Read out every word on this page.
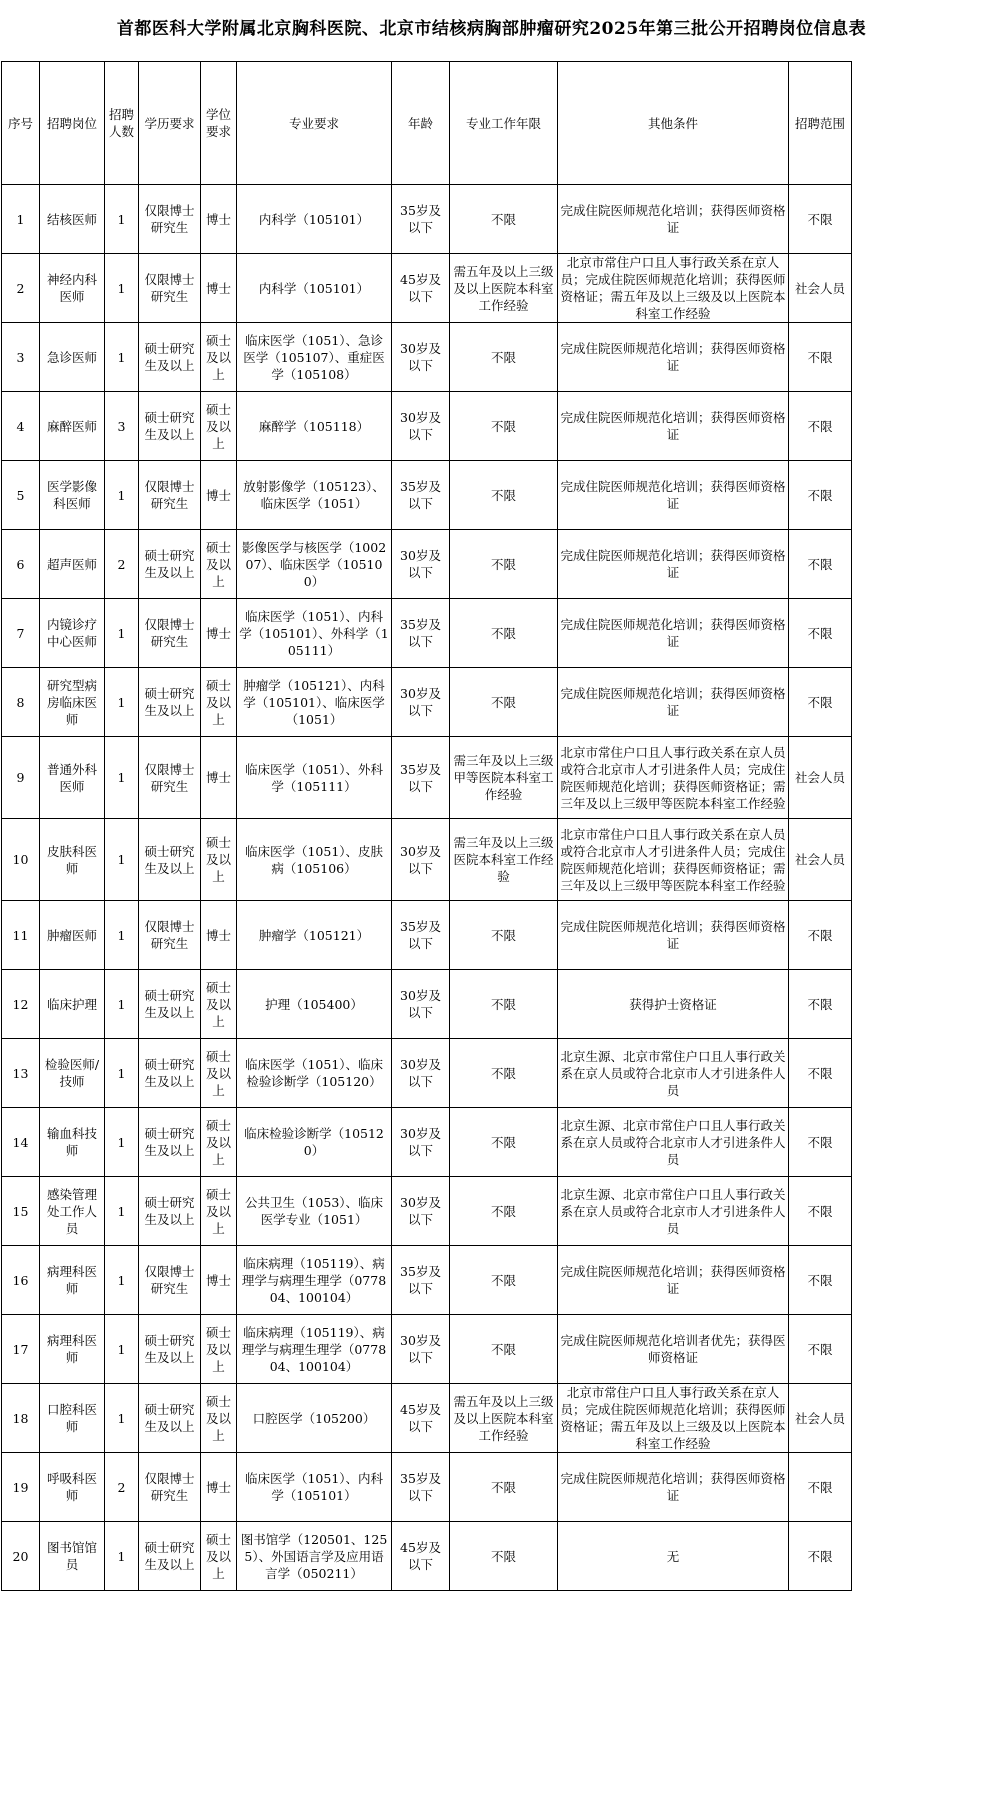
首都医科大学附属北京胸科医院、北京市结核病胸部肿瘤研究2025年第三批公开招聘岗位信息表
序号	招聘岗位	招聘人数	学历要求	学位要求	专业要求	年龄	专业工作年限	其他条件	招聘范围
1	结核医师	1	仅限博士研究生	博士	内科学（105101）	35岁及以下	不限	完成住院医师规范化培训；获得医师资格证	不限
2	神经内科医师	1	仅限博士研究生	博士	内科学（105101）	45岁及以下	需五年及以上三级及以上医院本科室工作经验	北京市常住户口且人事行政关系在京人员；完成住院医师规范化培训；获得医师资格证；需五年及以上三级及以上医院本科室工作经验	社会人员
3	急诊医师	1	硕士研究生及以上	硕士及以上	临床医学（1051）、急诊医学（105107）、重症医学（105108）	30岁及以下	不限	完成住院医师规范化培训；获得医师资格证	不限
4	麻醉医师	3	硕士研究生及以上	硕士及以上	麻醉学（105118）	30岁及以下	不限	完成住院医师规范化培训；获得医师资格证	不限
5	医学影像科医师	1	仅限博士研究生	博士	放射影像学（105123）、临床医学（1051）	35岁及以下	不限	完成住院医师规范化培训；获得医师资格证	不限
6	超声医师	2	硕士研究生及以上	硕士及以上	影像医学与核医学（100207）、临床医学（105100）	30岁及以下	不限	完成住院医师规范化培训；获得医师资格证	不限
7	内镜诊疗中心医师	1	仅限博士研究生	博士	临床医学（1051）、内科学（105101）、外科学（105111）	35岁及以下	不限	完成住院医师规范化培训；获得医师资格证	不限
8	研究型病房临床医师	1	硕士研究生及以上	硕士及以上	肿瘤学（105121）、内科学（105101）、临床医学（1051）	30岁及以下	不限	完成住院医师规范化培训；获得医师资格证	不限
9	普通外科医师	1	仅限博士研究生	博士	临床医学（1051）、外科学（105111）	35岁及以下	需三年及以上三级甲等医院本科室工作经验	北京市常住户口且人事行政关系在京人员或符合北京市人才引进条件人员；完成住院医师规范化培训；获得医师资格证；需三年及以上三级甲等医院本科室工作经验	社会人员
10	皮肤科医师	1	硕士研究生及以上	硕士及以上	临床医学（1051）、皮肤病（105106）	30岁及以下	需三年及以上三级医院本科室工作经验	北京市常住户口且人事行政关系在京人员或符合北京市人才引进条件人员；完成住院医师规范化培训；获得医师资格证；需三年及以上三级甲等医院本科室工作经验	社会人员
11	肿瘤医师	1	仅限博士研究生	博士	肿瘤学（105121）	35岁及以下	不限	完成住院医师规范化培训；获得医师资格证	不限
12	临床护理	1	硕士研究生及以上	硕士及以上	护理（105400）	30岁及以下	不限	获得护士资格证	不限
13	检验医师/技师	1	硕士研究生及以上	硕士及以上	临床医学（1051）、临床检验诊断学（105120）	30岁及以下	不限	北京生源、北京市常住户口且人事行政关系在京人员或符合北京市人才引进条件人员	不限
14	输血科技师	1	硕士研究生及以上	硕士及以上	临床检验诊断学（105120）	30岁及以下	不限	北京生源、北京市常住户口且人事行政关系在京人员或符合北京市人才引进条件人员	不限
15	感染管理处工作人员	1	硕士研究生及以上	硕士及以上	公共卫生（1053）、临床医学专业（1051）	30岁及以下	不限	北京生源、北京市常住户口且人事行政关系在京人员或符合北京市人才引进条件人员	不限
16	病理科医师	1	仅限博士研究生	博士	临床病理（105119）、病理学与病理生理学（077804、100104）	35岁及以下	不限	完成住院医师规范化培训；获得医师资格证	不限
17	病理科医师	1	硕士研究生及以上	硕士及以上	临床病理（105119）、病理学与病理生理学（077804、100104）	30岁及以下	不限	完成住院医师规范化培训者优先；获得医师资格证	不限
18	口腔科医师	1	硕士研究生及以上	硕士及以上	口腔医学（105200）	45岁及以下	需五年及以上三级及以上医院本科室工作经验	北京市常住户口且人事行政关系在京人员；完成住院医师规范化培训；获得医师资格证；需五年及以上三级及以上医院本科室工作经验	社会人员
19	呼吸科医师	2	仅限博士研究生	博士	临床医学（1051）、内科学（105101）	35岁及以下	不限	完成住院医师规范化培训；获得医师资格证	不限
20	图书馆馆员	1	硕士研究生及以上	硕士及以上	图书馆学（120501、1255）、外国语言学及应用语言学（050211）	45岁及以下	不限	无	不限
